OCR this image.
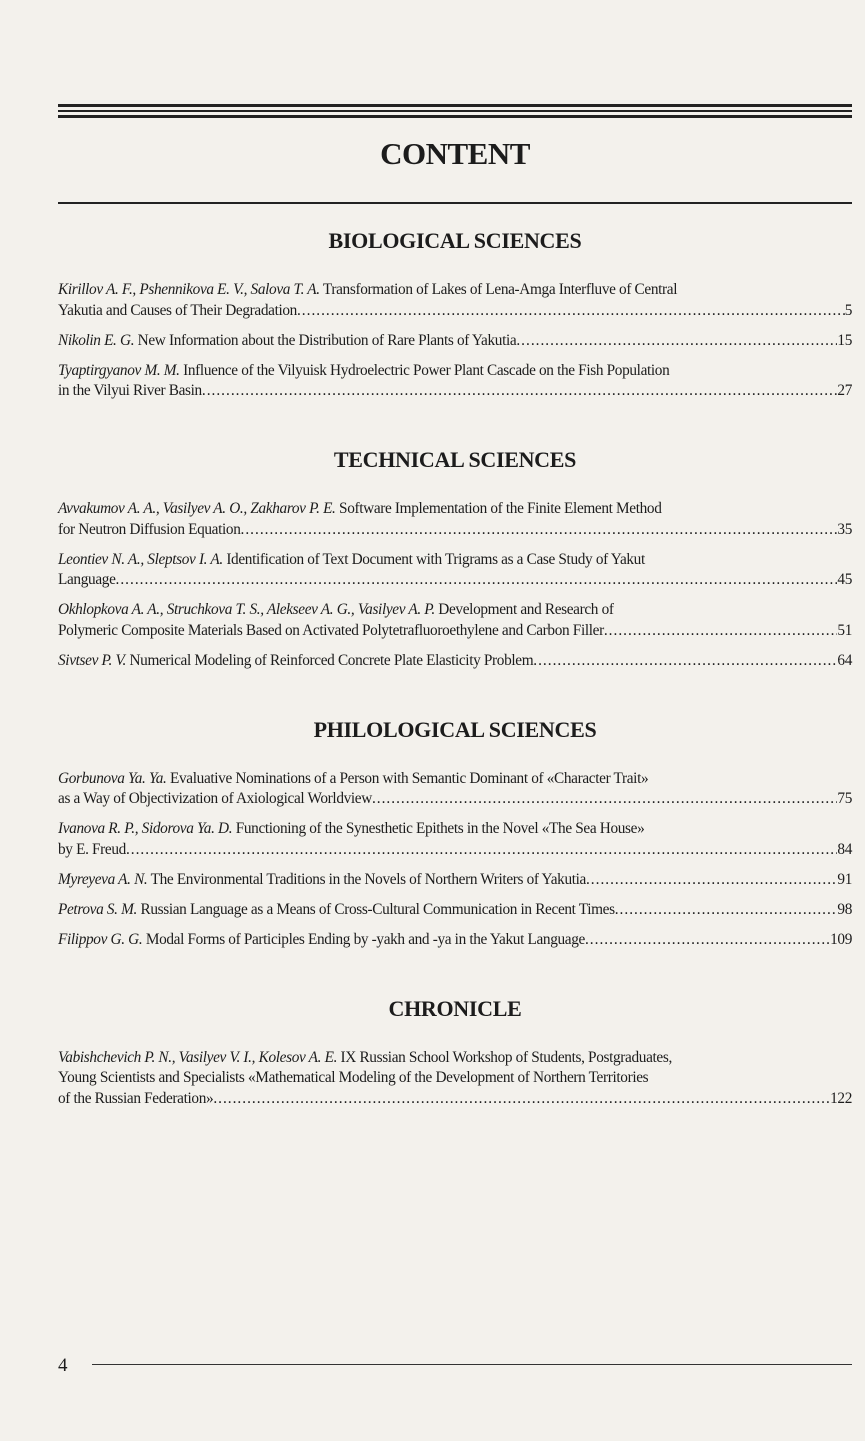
CONTENT
BIOLOGICAL SCIENCES
Kirillov A. F., Pshennikova E. V., Salova T. A. Transformation of Lakes of Lena-Amga Interfluve of Central
Yakutia and Causes of Their Degradation .....	5
Nikolin E. G. New Information about the Distribution of Rare Plants of Yakutia .....	15
Tyaptirgyanov M. M. Influence of the Vilyuisk Hydroelectric Power Plant Cascade on the Fish Population
in the Vilyui River Basin .....	27
TECHNICAL SCIENCES
Avvakumov A. A., Vasilyev A. O., Zakharov P. E. Software Implementation of the Finite Element Method
for Neutron Diffusion Equation .....	35
Leontiev N. A., Sleptsov I. A. Identification of Text Document with Trigrams as a Case Study of Yakut
Language .....	45
Okhlopkova A. A., Struchkova T. S., Alekseev A. G., Vasilyev A. P. Development and Research of
Polymeric Composite Materials Based on Activated Polytetrafluoroethylene and Carbon Filler .....	51
Sivtsev P. V. Numerical Modeling of Reinforced Concrete Plate Elasticity Problem .....	64
PHILOLOGICAL SCIENCES
Gorbunova Ya. Ya. Evaluative Nominations of a Person with Semantic Dominant of «Character Trait»
as a Way of Objectivization of Axiological Worldview .....	75
Ivanova R. P., Sidorova Ya. D. Functioning of the Synesthetic Epithets in the Novel «The Sea House»
by E. Freud .....	84
Myreyeva A. N. The Environmental Traditions in the Novels of Northern Writers of Yakutia .....	91
Petrova S. M. Russian Language as a Means of Cross-Cultural Communication in Recent Times .....	98
Filippov G. G. Modal Forms of Participles Ending by -yakh and -ya in the Yakut Language .....	109
CHRONICLE
Vabishchevich P. N., Vasilyev V. I., Kolesov A. E. IX Russian School Workshop of Students, Postgraduates,
Young Scientists and Specialists «Mathematical Modeling of the Development of Northern Territories
of the Russian Federation» .....	122
4
